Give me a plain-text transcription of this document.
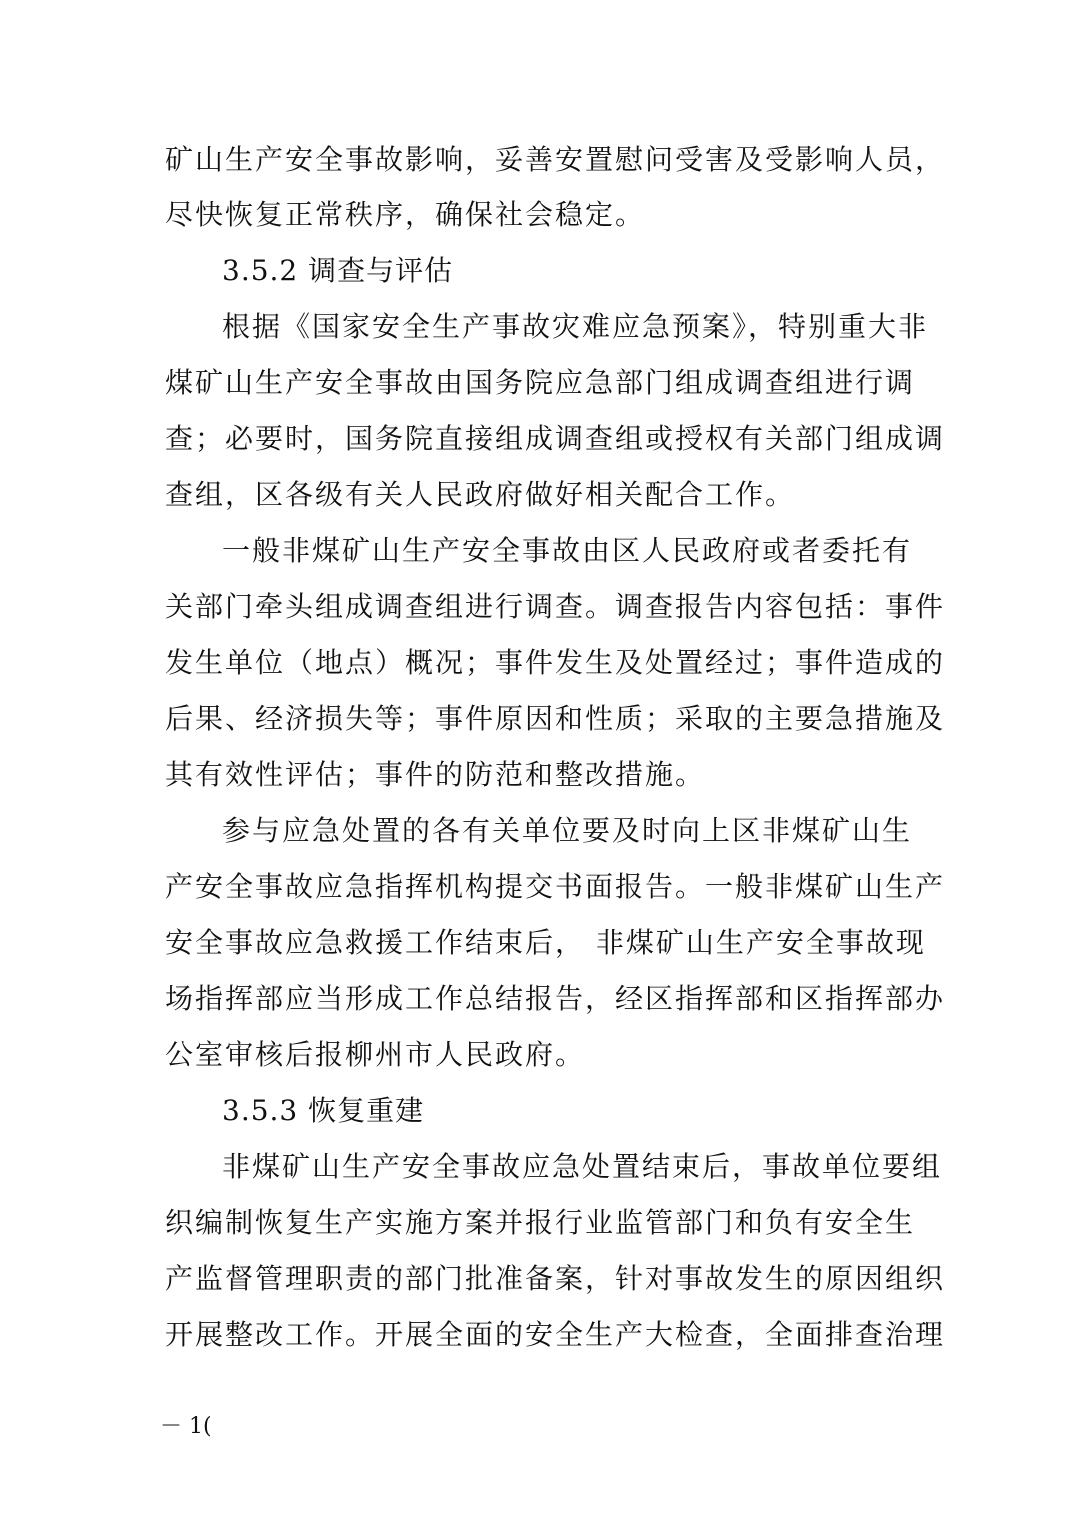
矿山生产安全事故影响，妥善安置慰问受害及受影响人员，
尽快恢复正常秩序，确保社会稳定。
3.5.2 调查与评估
根据《国家安全生产事故灾难应急预案》，特别重大非
煤矿山生产安全事故由国务院应急部门组成调查组进行调
查；必要时，国务院直接组成调查组或授权有关部门组成调
查组，区各级有关人民政府做好相关配合工作。
一般非煤矿山生产安全事故由区人民政府或者委托有
关部门牵头组成调查组进行调查。调查报告内容包括：事件
发生单位（地点）概况；事件发生及处置经过；事件造成的
后果、经济损失等；事件原因和性质；采取的主要急措施及
其有效性评估；事件的防范和整改措施。
参与应急处置的各有关单位要及时向上区非煤矿山生
产安全事故应急指挥机构提交书面报告。一般非煤矿山生产
安全事故应急救援工作结束后， 非煤矿山生产安全事故现
场指挥部应当形成工作总结报告，经区指挥部和区指挥部办
公室审核后报柳州市人民政府。
3.5.3 恢复重建
非煤矿山生产安全事故应急处置结束后，事故单位要组
织编制恢复生产实施方案并报行业监管部门和负有安全生
产监督管理职责的部门批准备案，针对事故发生的原因组织
开展整改工作。开展全面的安全生产大检查，全面排查治理
－ 1(
